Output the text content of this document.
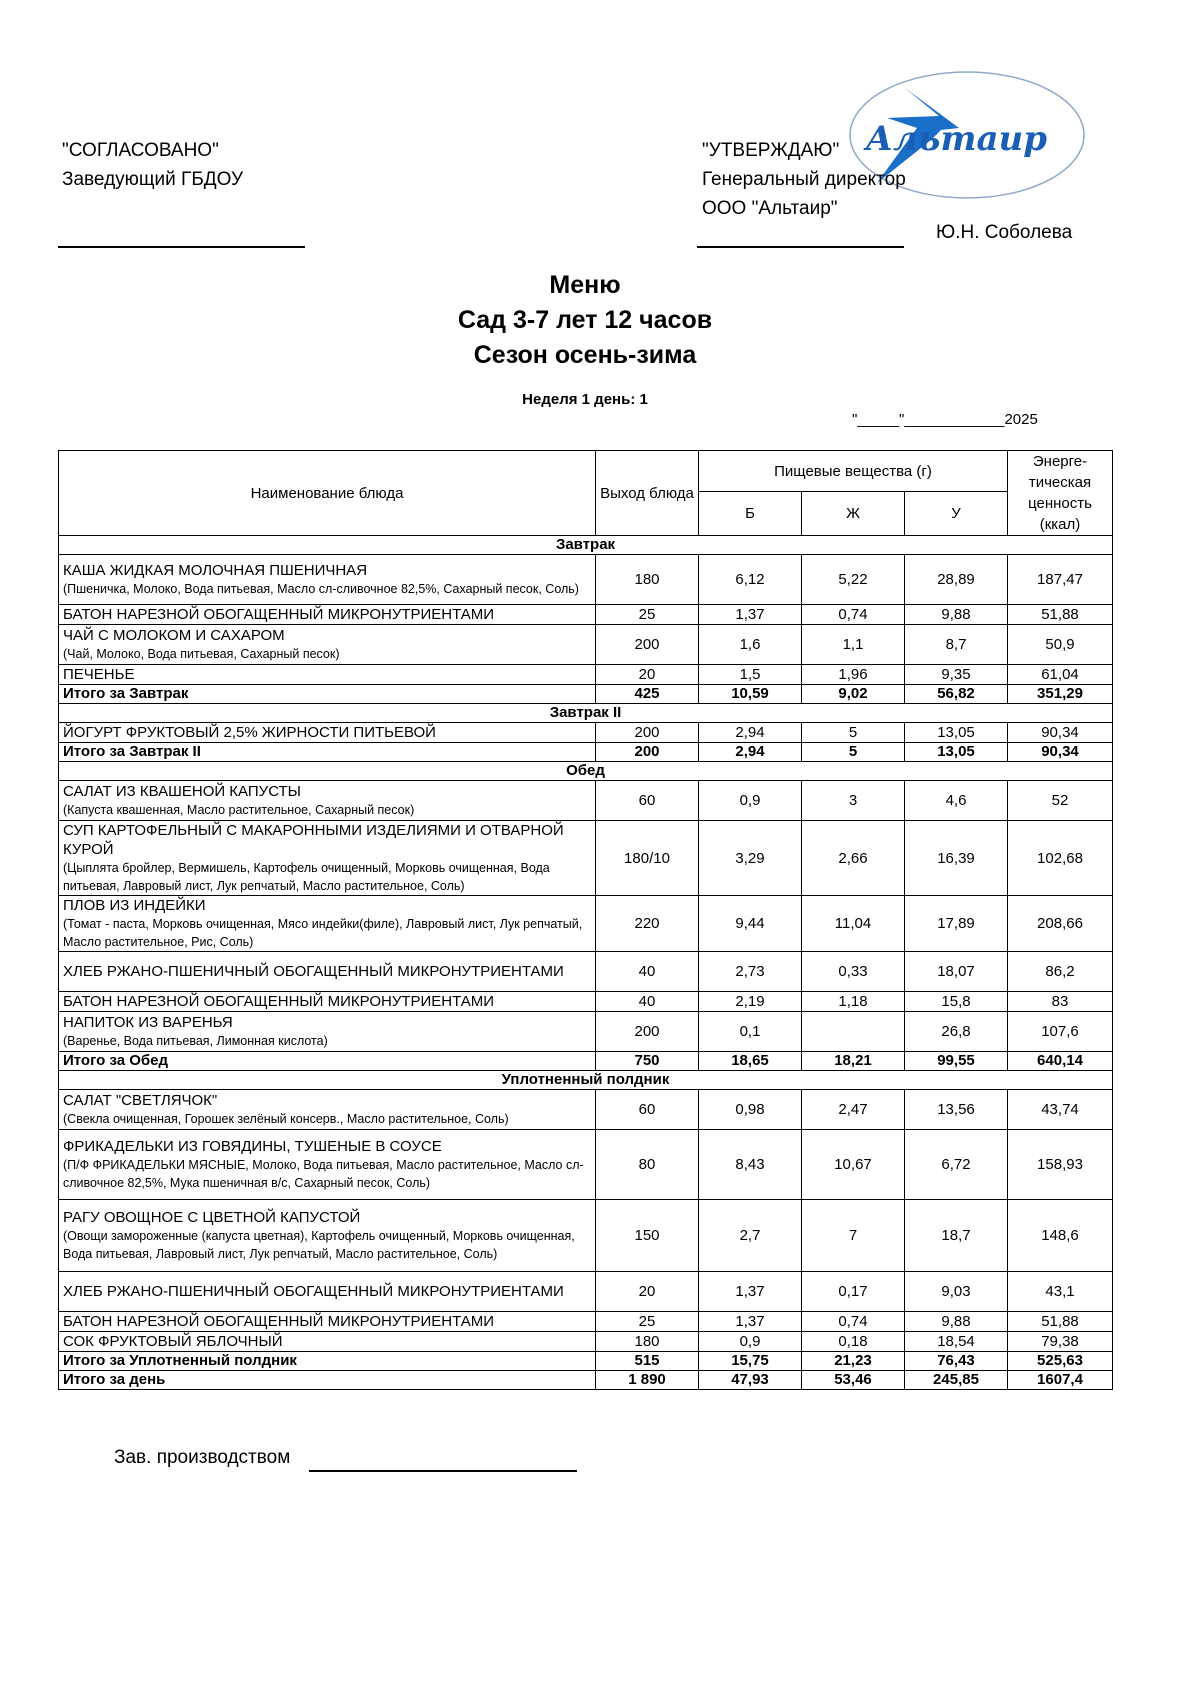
"СОГЛАСОВАНО"
Заведующий ГБДОУ
Альтаир
"УТВЕРЖДАЮ"
Генеральный директор
ООО "Альтаир"
Ю.Н. Соболева
Меню
Сад 3-7 лет 12 часов
Сезон осень-зима
Неделя 1 день: 1
"_____"____________2025
Наименование блюда	Выход блюда	Пищевые вещества (г)			Энерге-тическая ценность (ккал)
		Б	Ж	У	
Завтрак					

КАША ЖИДКАЯ МОЛОЧНАЯ ПШЕНИЧНАЯ
(Пшеничка, Молоко, Вода питьевая, Масло сл-сливочное 82,5%, Сахарный песок, Соль)	180	6,12	5,22	28,89	187,47

БАТОН НАРЕЗНОЙ ОБОГАЩЕННЫЙ МИКРОНУТРИЕНТАМИ	25	1,37	0,74	9,88	51,88

ЧАЙ С МОЛОКОМ И САХАРОМ
(Чай, Молоко, Вода питьевая, Сахарный песок)	200	1,6	1,1	8,7	50,9

ПЕЧЕНЬЕ	20	1,5	1,96	9,35	61,04
Итого за Завтрак	425	10,59	9,02	56,82	351,29
Завтрак II					

ЙОГУРТ ФРУКТОВЫЙ 2,5% ЖИРНОСТИ ПИТЬЕВОЙ	200	2,94	5	13,05	90,34
Итого за Завтрак II	200	2,94	5	13,05	90,34
Обед					

САЛАТ ИЗ КВАШЕНОЙ КАПУСТЫ
(Капуста квашенная, Масло растительное, Сахарный песок)	60	0,9	3	4,6	52

СУП КАРТОФЕЛЬНЫЙ С МАКАРОННЫМИ ИЗДЕЛИЯМИ И ОТВАРНОЙ КУРОЙ
(Цыплята бройлер, Вермишель, Картофель очищенный, Морковь очищенная, Вода питьевая, Лавровый лист, Лук репчатый, Масло растительное, Соль)	180/10	3,29	2,66	16,39	102,68

ПЛОВ ИЗ ИНДЕЙКИ
(Томат - паста, Морковь очищенная, Мясо индейки(филе), Лавровый лист, Лук репчатый, Масло растительное, Рис, Соль)	220	9,44	11,04	17,89	208,66

ХЛЕБ РЖАНО-ПШЕНИЧНЫЙ ОБОГАЩЕННЫЙ МИКРОНУТРИЕНТАМИ	40	2,73	0,33	18,07	86,2

БАТОН НАРЕЗНОЙ ОБОГАЩЕННЫЙ МИКРОНУТРИЕНТАМИ	40	2,19	1,18	15,8	83

НАПИТОК ИЗ ВАРЕНЬЯ
(Варенье, Вода питьевая, Лимонная кислота)	200	0,1		26,8	107,6
Итого за Обед	750	18,65	18,21	99,55	640,14
Уплотненный полдник					

САЛАТ "СВЕТЛЯЧОК"
(Свекла очищенная, Горошек зелёный консерв., Масло растительное, Соль)	60	0,98	2,47	13,56	43,74

ФРИКАДЕЛЬКИ ИЗ ГОВЯДИНЫ, ТУШЕНЫЕ В СОУСЕ
(П/Ф ФРИКАДЕЛЬКИ МЯСНЫЕ, Молоко, Вода питьевая, Масло растительное, Масло сл-сливочное 82,5%, Мука пшеничная в/с, Сахарный песок, Соль)	80	8,43	10,67	6,72	158,93

РАГУ ОВОЩНОЕ С ЦВЕТНОЙ КАПУСТОЙ
(Овощи замороженные (капуста цветная), Картофель очищенный, Морковь очищенная, Вода питьевая, Лавровый лист, Лук репчатый, Масло растительное, Соль)	150	2,7	7	18,7	148,6

ХЛЕБ РЖАНО-ПШЕНИЧНЫЙ ОБОГАЩЕННЫЙ МИКРОНУТРИЕНТАМИ	20	1,37	0,17	9,03	43,1

БАТОН НАРЕЗНОЙ ОБОГАЩЕННЫЙ МИКРОНУТРИЕНТАМИ	25	1,37	0,74	9,88	51,88

СОК ФРУКТОВЫЙ ЯБЛОЧНЫЙ	180	0,9	0,18	18,54	79,38
Итого за Уплотненный полдник	515	15,75	21,23	76,43	525,63
Итого за день	1 890	47,93	53,46	245,85	1607,4
Зав. производством
